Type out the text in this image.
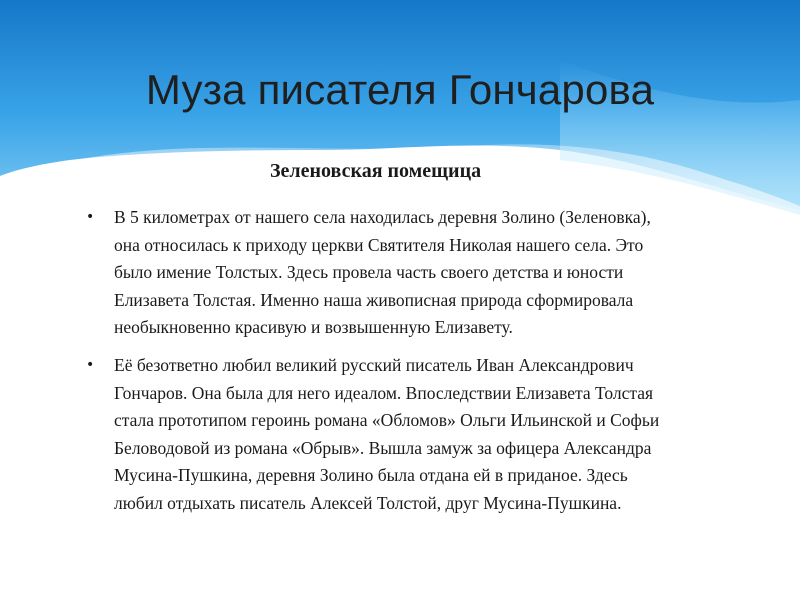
Муза писателя Гончарова
Зеленовская помещица
• В 5 километрах от нашего села находилась деревня Золино (Зеленовка),
она относилась к приходу церкви Святителя Николая нашего села. Это
было имение Толстых. Здесь провела часть своего детства и юности
Елизавета Толстая. Именно наша живописная природа сформировала
необыкновенно красивую и возвышенную Елизавету.
• Её безответно любил великий русский писатель Иван Александрович
Гончаров. Она была для него идеалом. Впоследствии Елизавета Толстая
стала прототипом героинь романа «Обломов» Ольги Ильинской и Софьи
Беловодовой из романа «Обрыв». Вышла замуж за офицера Александра
Мусина-Пушкина, деревня Золино была отдана ей в приданое. Здесь
любил отдыхать писатель Алексей Толстой, друг Мусина-Пушкина.
